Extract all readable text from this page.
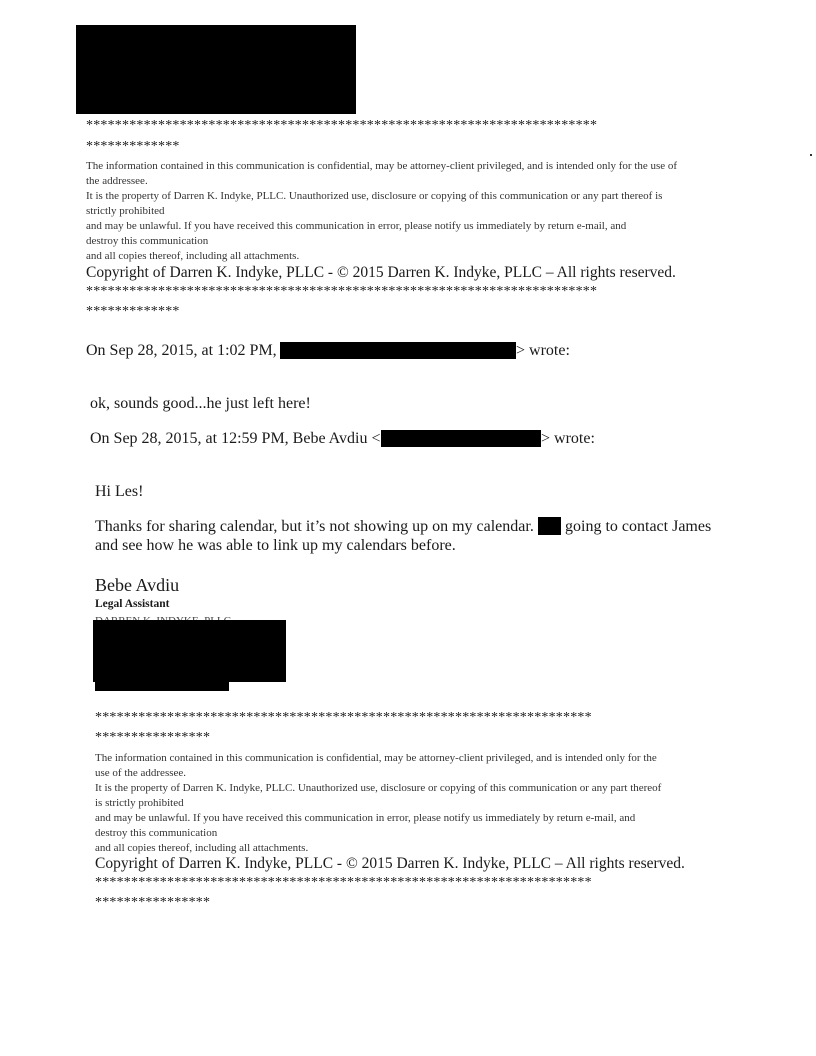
***********************************************************************
*************
The information contained in this communication is confidential, may be attorney-client privileged, and is intended only for the use of
the addressee.
It is the property of Darren K. Indyke, PLLC. Unauthorized use, disclosure or copying of this communication or any part thereof is
strictly prohibited
and may be unlawful. If you have received this communication in error, please notify us immediately by return e-mail, and
destroy this communication
and all copies thereof, including all attachments.
Copyright of Darren K. Indyke, PLLC - © 2015 Darren K. Indyke, PLLC – All rights reserved.
***********************************************************************
*************
On Sep 28, 2015, at 1:02 PM,	> wrote:
ok, sounds good...he just left here!
On Sep 28, 2015, at 12:59 PM, Bebe Avdiu <	> wrote:
Hi Les!
Thanks for sharing calendar, but it’s not showing up on my calendar. going to contact James
and see how he was able to link up my calendars before.
Bebe Avdiu
Legal Assistant
*********************************************************************
****************
The information contained in this communication is confidential, may be attorney-client privileged, and is intended only for the
use of the addressee.
It is the property of Darren K. Indyke, PLLC. Unauthorized use, disclosure or copying of this communication or any part thereof
is strictly prohibited
and may be unlawful. If you have received this communication in error, please notify us immediately by return e-mail, and
destroy this communication
and all copies thereof, including all attachments.
Copyright of Darren K. Indyke, PLLC - © 2015 Darren K. Indyke, PLLC – All rights reserved.
*********************************************************************
****************
